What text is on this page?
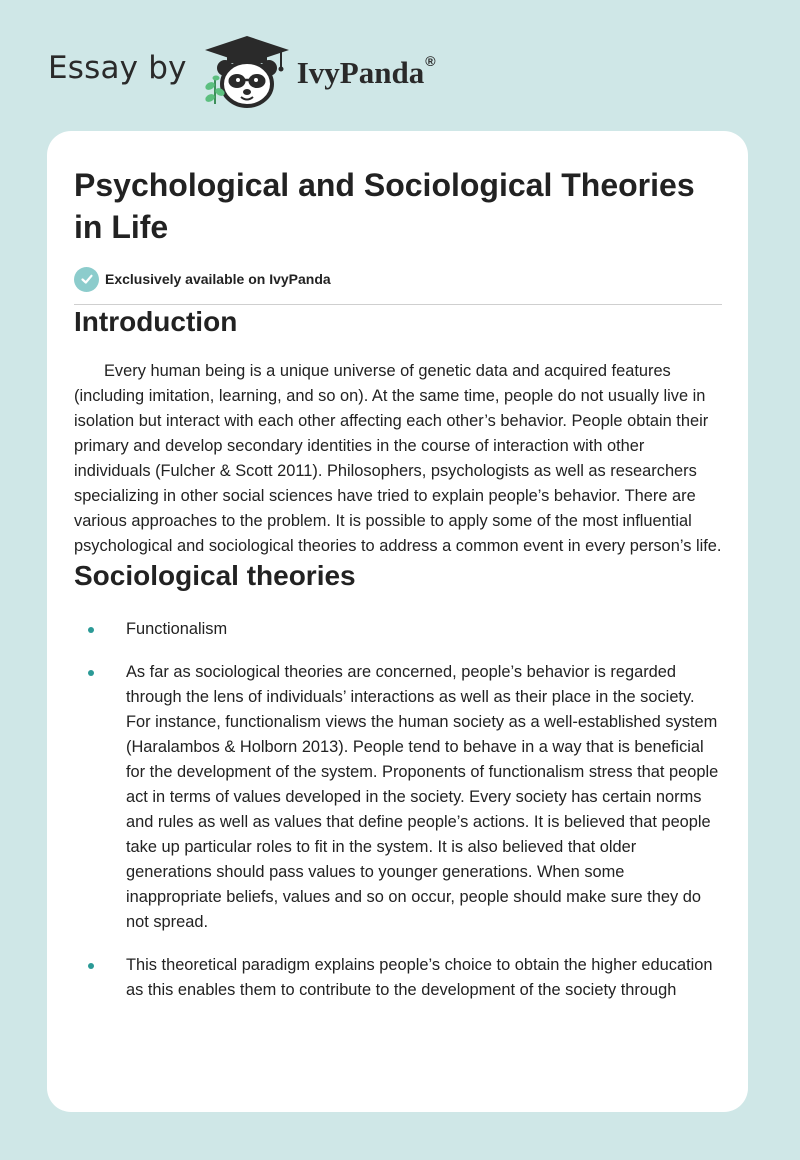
Essay by	IvyPanda®
Psychological and Sociological Theories in Life
Exclusively available on IvyPanda
Introduction

Every human being is a unique universe of genetic data and acquired features (including imitation, learning, and so on). At the same time, people do not usually live in isolation but interact with each other affecting each other’s behavior. People obtain their primary and develop secondary identities in the course of interaction with other individuals (Fulcher & Scott 2011). Philosophers, psychologists as well as researchers specializing in other social sciences have tried to explain people’s behavior. There are various approaches to the problem. It is possible to apply some of the most influential psychological and sociological theories to address a common event in every person’s life.

Sociological theories
Functionalism
As far as sociological theories are concerned, people’s behavior is regarded through the lens of individuals’ interactions as well as their place in the society. For instance, functionalism views the human society as a well-established system (Haralambos & Holborn 2013). People tend to behave in a way that is beneficial for the development of the system. Proponents of functionalism stress that people act in terms of values developed in the society. Every society has certain norms and rules as well as values that define people’s actions. It is believed that people take up particular roles to fit in the system. It is also believed that older generations should pass values to younger generations. When some inappropriate beliefs, values and so on occur, people should make sure they do not spread.
This theoretical paradigm explains people’s choice to obtain the higher education as this enables them to contribute to the development of the society through
